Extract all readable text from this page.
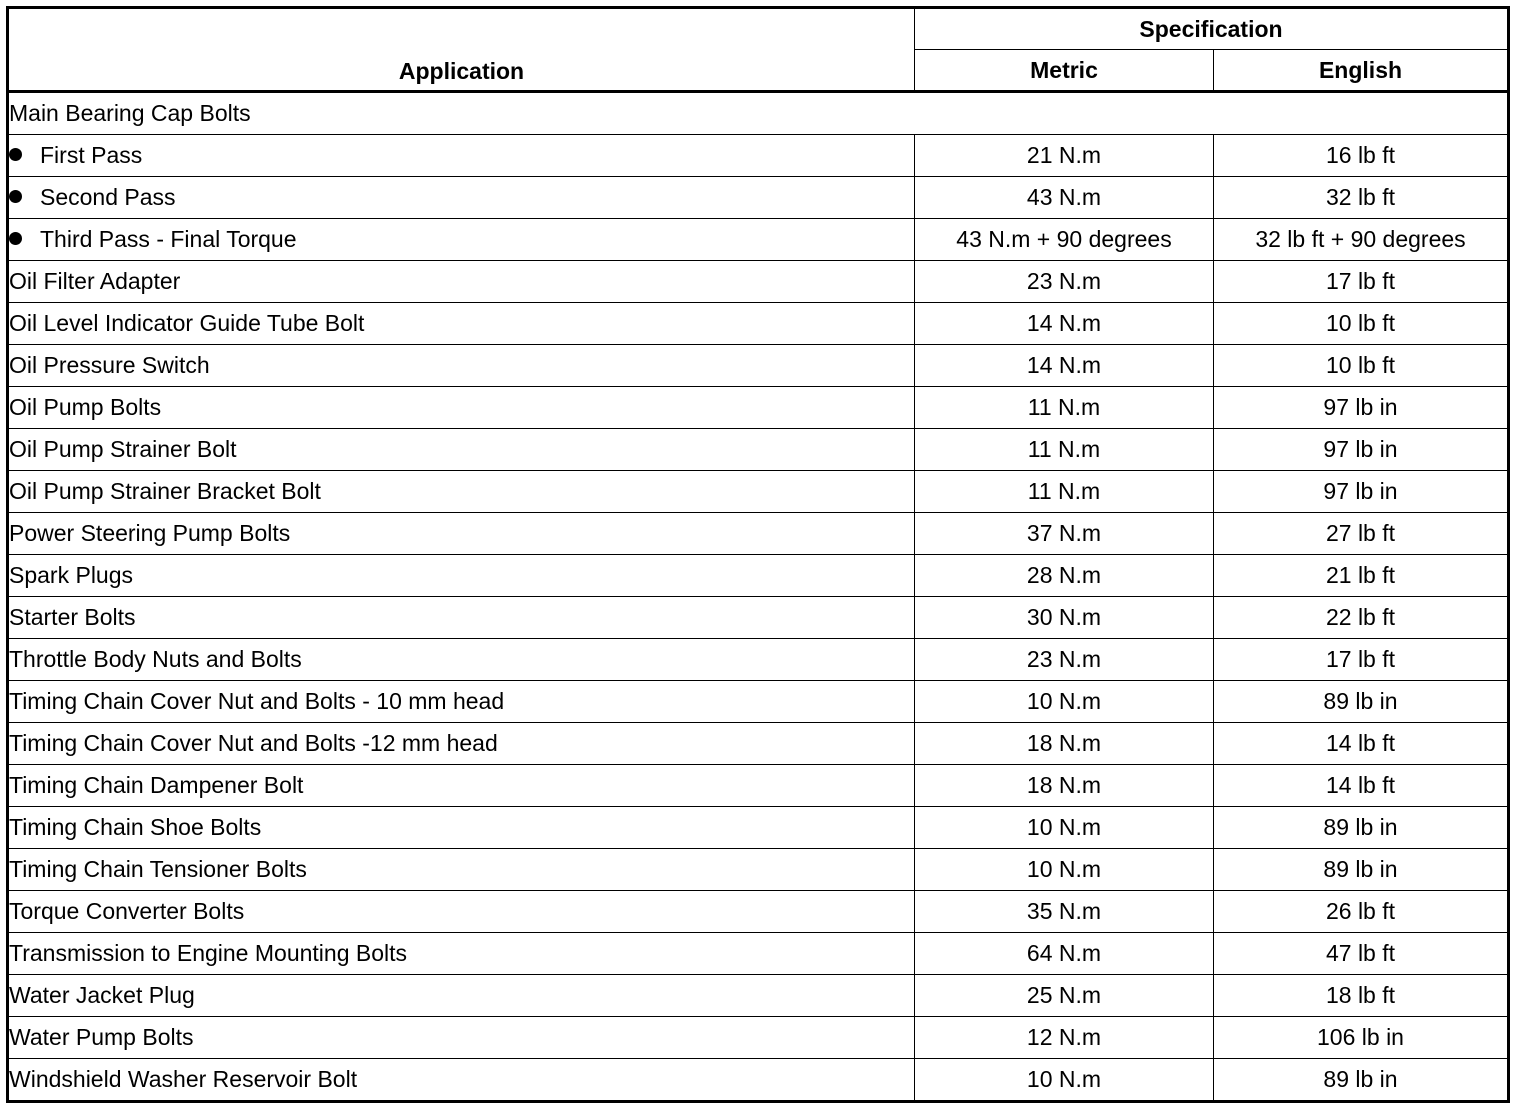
Application	Specification	
	Metric	English
Main Bearing Cap Bolts		
First Pass	21 N.m	16 lb ft
Second Pass	43 N.m	32 lb ft
Third Pass - Final Torque	43 N.m + 90 degrees	32 lb ft + 90 degrees
Oil Filter Adapter	23 N.m	17 lb ft
Oil Level Indicator Guide Tube Bolt	14 N.m	10 lb ft
Oil Pressure Switch	14 N.m	10 lb ft
Oil Pump Bolts	11 N.m	97 lb in
Oil Pump Strainer Bolt	11 N.m	97 lb in
Oil Pump Strainer Bracket Bolt	11 N.m	97 lb in
Power Steering Pump Bolts	37 N.m	27 lb ft
Spark Plugs	28 N.m	21 lb ft
Starter Bolts	30 N.m	22 lb ft
Throttle Body Nuts and Bolts	23 N.m	17 lb ft
Timing Chain Cover Nut and Bolts - 10 mm head	10 N.m	89 lb in
Timing Chain Cover Nut and Bolts -12 mm head	18 N.m	14 lb ft
Timing Chain Dampener Bolt	18 N.m	14 lb ft
Timing Chain Shoe Bolts	10 N.m	89 lb in
Timing Chain Tensioner Bolts	10 N.m	89 lb in
Torque Converter Bolts	35 N.m	26 lb ft
Transmission to Engine Mounting Bolts	64 N.m	47 lb ft
Water Jacket Plug	25 N.m	18 lb ft
Water Pump Bolts	12 N.m	106 lb in
Windshield Washer Reservoir Bolt	10 N.m	89 lb in
